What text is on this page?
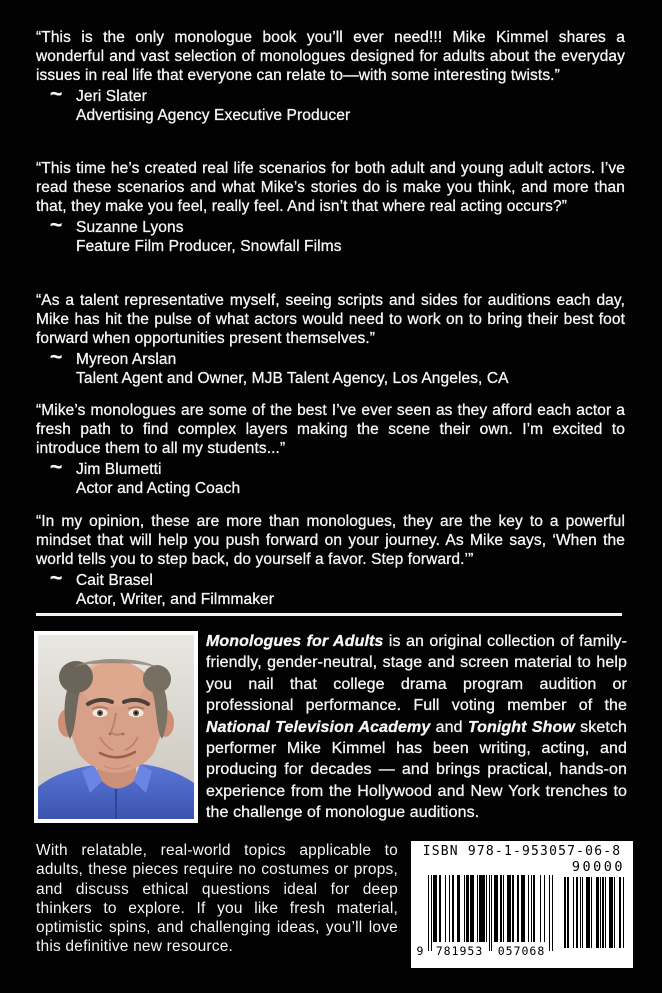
“This is the only monologue book you’ll ever need!!! Mike Kimmel shares a wonderful and vast selection of monologues designed for adults about the everyday issues in real life that everyone can relate to—with some interesting twists.”

~ Jeri Slater
Advertising Agency Executive Producer

“This time he’s created real life scenarios for both adult and young adult actors. I’ve read these scenarios and what Mike’s stories do is make you think, and more than that, they make you feel, really feel. And isn’t that where real acting occurs?”

~ Suzanne Lyons
Feature Film Producer, Snowfall Films

“As a talent representative myself, seeing scripts and sides for auditions each day, Mike has hit the pulse of what actors would need to work on to bring their best foot forward when opportunities present themselves.”

~ Myreon Arslan
Talent Agent and Owner, MJB Talent Agency, Los Angeles, CA

“Mike’s monologues are some of the best I’ve ever seen as they afford each actor a fresh path to find complex layers making the scene their own. I’m excited to introduce them to all my students...”

~ Jim Blumetti
Actor and Acting Coach

“In my opinion, these are more than monologues, they are the key to a powerful mindset that will help you push forward on your journey. As Mike says, ‘When the world tells you to step back, do yourself a favor. Step forward.’”

~ Cait Brasel
Actor, Writer, and Filmmaker
Monologues for Adults is an original collection of family-friendly, gender-neutral, stage and screen material to help you nail that college drama program audition or professional performance. Full voting member of the National Television Academy and Tonight Show sketch performer Mike Kimmel has been writing, acting, and producing for decades — and brings practical, hands-on experience from the Hollywood and New York trenches to the challenge of monologue auditions.

With relatable, real-world topics applicable to adults, these pieces require no costumes or props, and discuss ethical questions ideal for deep thinkers to explore. If you like fresh material, optimistic spins, and challenging ideas, you’ll love this definitive new resource.

ISBN 978-1-953057-06-8
90000
9	781953	057068
